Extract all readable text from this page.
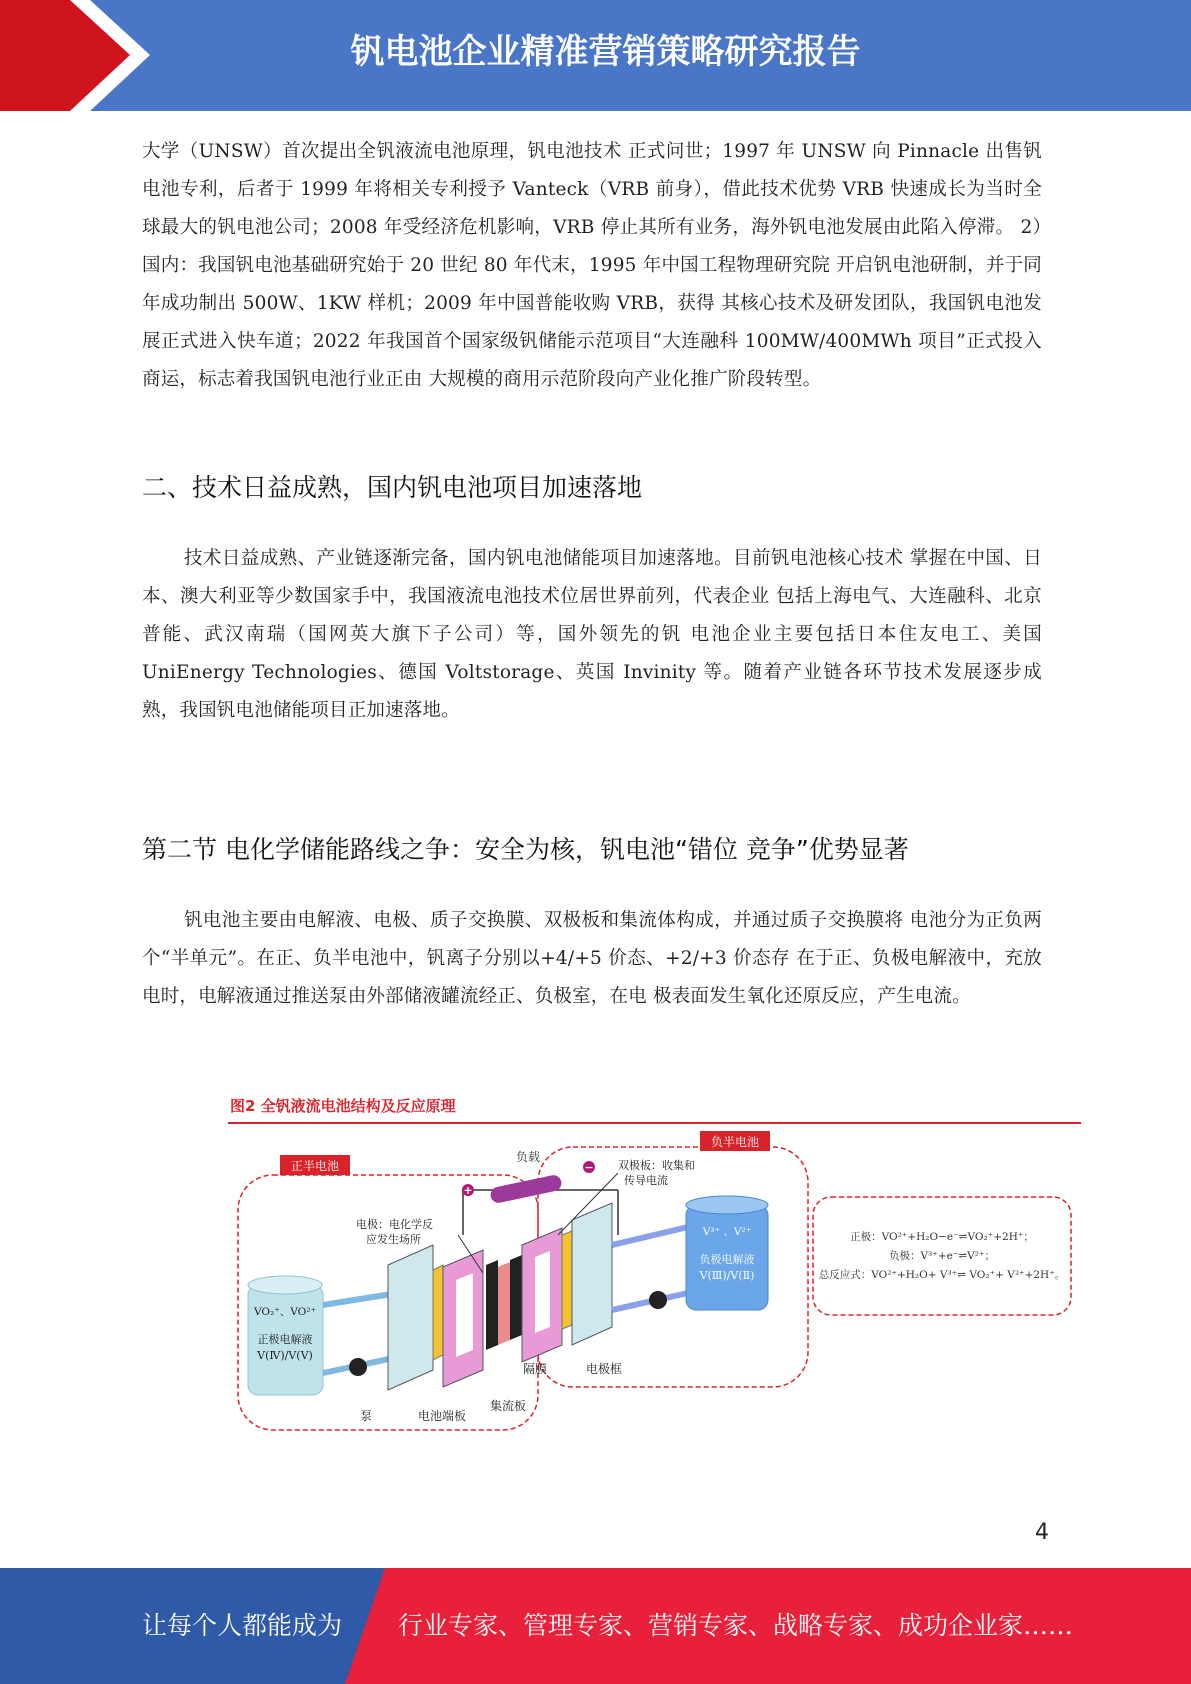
钒电池企业精准营销策略研究报告

大学（UNSW）首次提出全钒液流电池原理，钒电池技术 正式问世；1997 年 UNSW 向 Pinnacle 出售钒电池专利，后者于 1999 年将相关专利授予 Vanteck（VRB 前身），借此技术优势 VRB 快速成长为当时全球最大的钒电池公司；2008 年受经济危机影响，VRB 停止其所有业务，海外钒电池发展由此陷入停滞。 2）国内：我国钒电池基础研究始于 20 世纪 80 年代末，1995 年中国工程物理研究院 开启钒电池研制，并于同年成功制出 500W、1KW 样机；2009 年中国普能收购 VRB，获得 其核心技术及研发团队，我国钒电池发展正式进入快车道；2022 年我国首个国家级钒储能示范项目“大连融科 100MW/400MWh 项目”正式投入商运，标志着我国钒电池行业正由 大规模的商用示范阶段向产业化推广阶段转型。

二、技术日益成熟，国内钒电池项目加速落地

技术日益成熟、产业链逐渐完备，国内钒电池储能项目加速落地。目前钒电池核心技术 掌握在中国、日本、澳大利亚等少数国家手中，我国液流电池技术位居世界前列，代表企业 包括上海电气、大连融科、北京普能、武汉南瑞（国网英大旗下子公司）等，国外领先的钒 电池企业主要包括日本住友电工、美国 UniEnergy Technologies、德国 Voltstorage、英国 Invinity 等。随着产业链各环节技术发展逐步成熟，我国钒电池储能项目正加速落地。

第二节 电化学储能路线之争：安全为核，钒电池“错位 竞争”优势显著

钒电池主要由电解液、电极、质子交换膜、双极板和集流体构成，并通过质子交换膜将 电池分为正负两个“半单元”。在正、负半电池中，钒离子分别以+4/+5 价态、+2/+3 价态存 在于正、负极电解液中，充放电时，电解液通过推送泵由外部储液罐流经正、负极室，在电 极表面发生氧化还原反应，产生电流。

图2 全钒液流电池结构及反应原理
正半电池
负半电池
正极：VO²⁺+H₂O−e⁻⇌VO₂⁺+2H⁺；
负极：V³⁺+e⁻⇌V²⁺；
总反应式：VO²⁺+H₂O+ V³⁺⇌ VO₂⁺+ V²⁺+2H⁺。
负载
+
−
VO₂⁺、VO²⁺
正极电解液
V(Ⅳ)/V(Ⅴ)
泵
电极：电化学反
应发生场所
双极板：收集和
传导电流
隔膜	电极框
电池端板
集流板
V³⁺ 、V²⁺
负极电解液
V(Ⅲ)/V(Ⅱ)
4
让每个人都能成为 行业专家、管理专家、营销专家、战略专家、成功企业家……
